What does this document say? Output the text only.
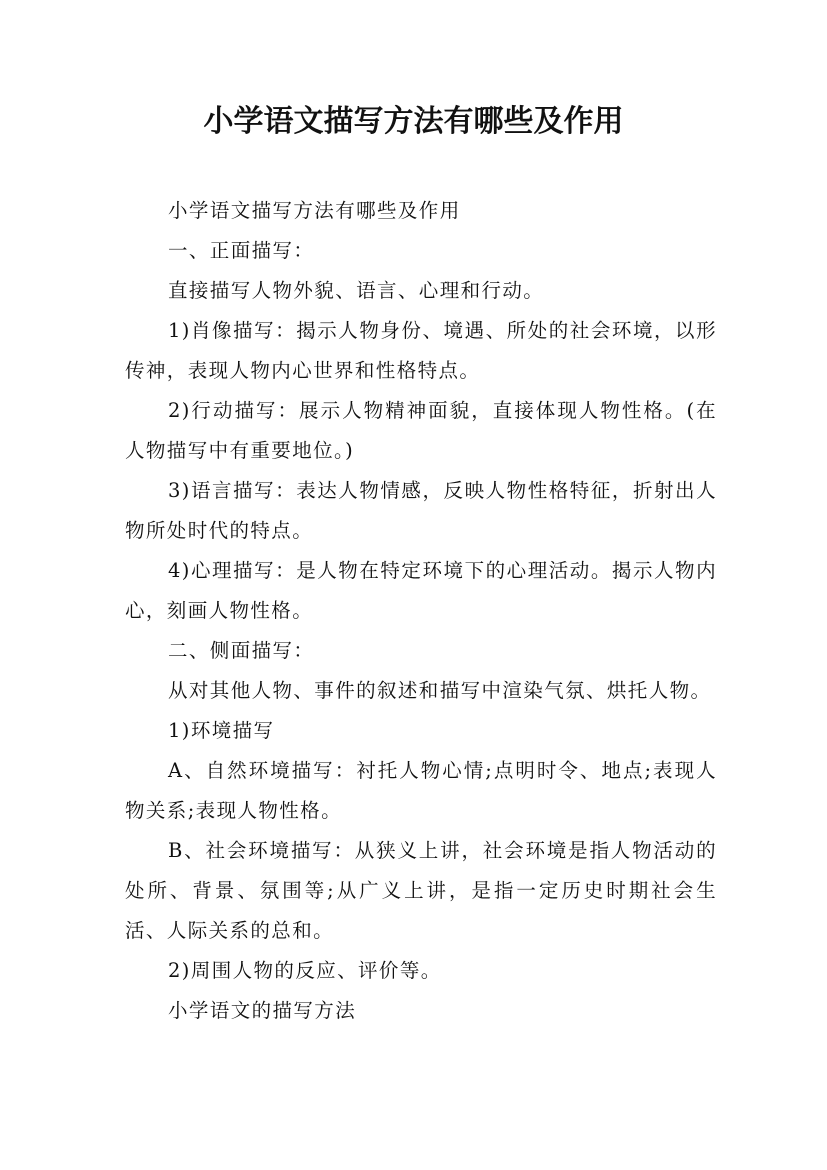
小学语文描写方法有哪些及作用

小学语文描写方法有哪些及作用

一、正面描写：

直接描写人物外貌、语言、心理和行动。

1)肖像描写：揭示人物身份、境遇、所处的社会环境，以形传神，表现人物内心世界和性格特点。

2)行动描写：展示人物精神面貌，直接体现人物性格。(在人物描写中有重要地位。)

3)语言描写：表达人物情感，反映人物性格特征，折射出人物所处时代的特点。

4)心理描写：是人物在特定环境下的心理活动。揭示人物内心，刻画人物性格。

二、侧面描写：

从对其他人物、事件的叙述和描写中渲染气氛、烘托人物。

1)环境描写

A、自然环境描写：衬托人物心情;点明时令、地点;表现人物关系;表现人物性格。

B、社会环境描写：从狭义上讲，社会环境是指人物活动的处所、背景、氛围等;从广义上讲，是指一定历史时期社会生活、人际关系的总和。

2)周围人物的反应、评价等。

小学语文的描写方法
